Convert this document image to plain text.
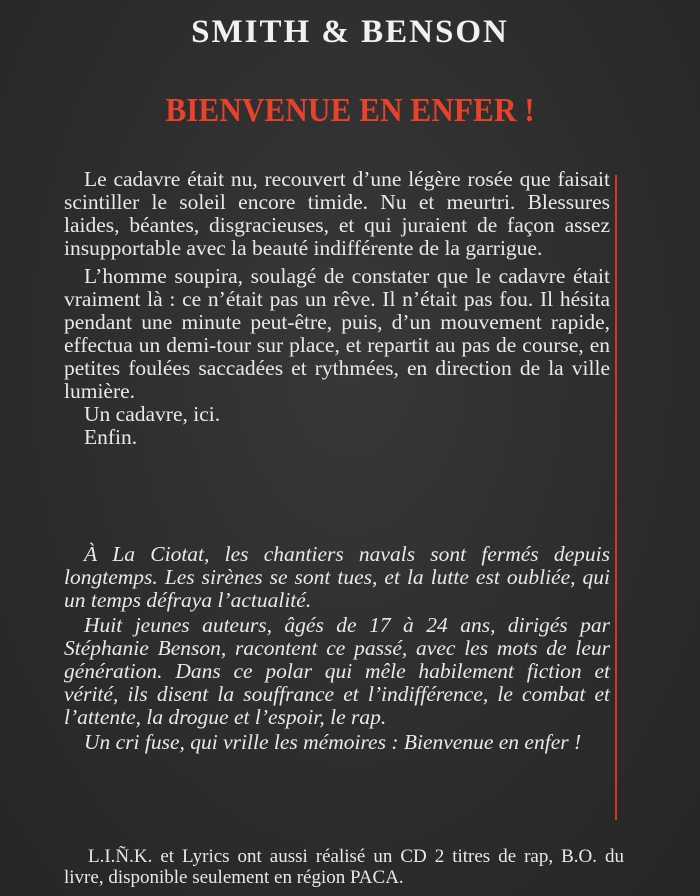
SMITH & BENSON
BIENVENUE EN ENFER !

Le cadavre était nu, recouvert d’une légère rosée que faisait scintiller le soleil encore timide. Nu et meurtri. Blessures laides, béantes, disgracieuses, et qui juraient de façon assez insupportable avec la beauté indifférente de la garrigue.

L’homme soupira, soulagé de constater que le cadavre était vraiment là : ce n’était pas un rêve. Il n’était pas fou. Il hésita pendant une minute peut-être, puis, d’un mouvement rapide, effectua un demi-tour sur place, et repartit au pas de course, en petites foulées saccadées et rythmées, en direction de la ville lumière.

Un cadavre, ici.

Enfin.

À La Ciotat, les chantiers navals sont fermés depuis longtemps. Les sirènes se sont tues, et la lutte est oubliée, qui un temps défraya l’actualité.

Huit jeunes auteurs, âgés de 17 à 24 ans, dirigés par Stéphanie Benson, racontent ce passé, avec les mots de leur génération. Dans ce polar qui mêle habilement fiction et vérité, ils disent la souffrance et l’indifférence, le combat et l’attente, la drogue et l’espoir, le rap.

Un cri fuse, qui vrille les mémoires : Bienvenue en enfer !

L.I.Ñ.K. et Lyrics ont aussi réalisé un CD 2 titres de rap, B.O. du livre, disponible seulement en région PACA.
